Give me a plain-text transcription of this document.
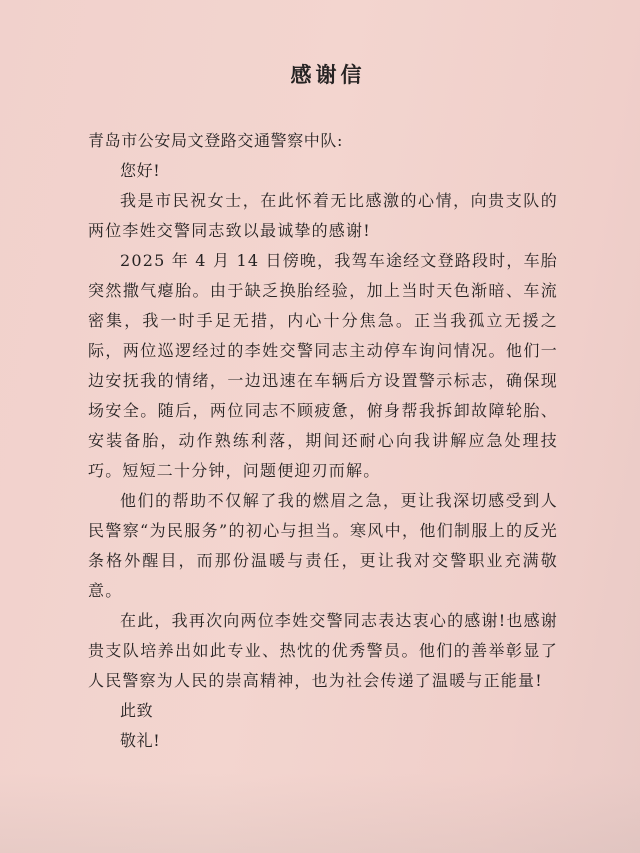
感谢信

青岛市公安局文登路交通警察中队:

您好!

我是市民祝女士，在此怀着无比感激的心情，向贵支队的两位李姓交警同志致以最诚挚的感谢!

2025 年 4 月 14 日傍晚，我驾车途经文登路段时，车胎突然撒气瘪胎。由于缺乏换胎经验，加上当时天色渐暗、车流密集，我一时手足无措，内心十分焦急。正当我孤立无援之际，两位巡逻经过的李姓交警同志主动停车询问情况。他们一边安抚我的情绪，一边迅速在车辆后方设置警示标志，确保现场安全。随后，两位同志不顾疲惫，俯身帮我拆卸故障轮胎、安装备胎，动作熟练利落，期间还耐心向我讲解应急处理技巧。短短二十分钟，问题便迎刃而解。

他们的帮助不仅解了我的燃眉之急，更让我深切感受到人民警察“为民服务”的初心与担当。寒风中，他们制服上的反光条格外醒目，而那份温暖与责任，更让我对交警职业充满敬意。

在此，我再次向两位李姓交警同志表达衷心的感谢!也感谢贵支队培养出如此专业、热忱的优秀警员。他们的善举彰显了人民警察为人民的崇高精神，也为社会传递了温暖与正能量!

此致

敬礼!
